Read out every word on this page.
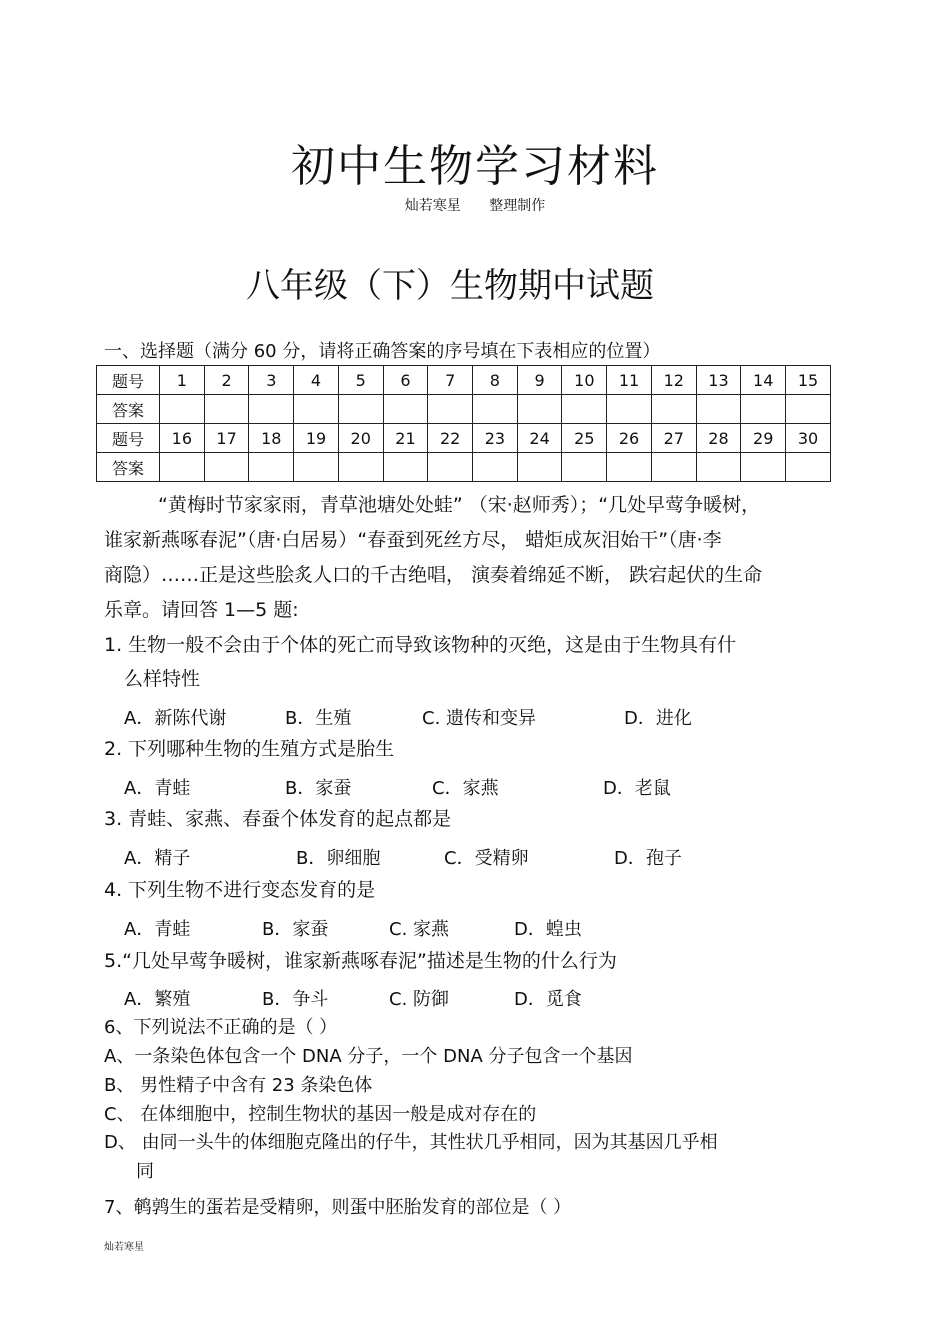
初中生物学习材料
灿若寒星 整理制作
八年级（下）生物期中试题
一、选择题（满分 60 分，请将正确答案的序号填在下表相应的位置）
题号	1	2	3	4	5	6	7	8	9	10	11	12	13	14	15
答案															
题号	16	17	18	19	20	21	22	23	24	25	26	27	28	29	30
答案															
“黄梅时节家家雨，青草池塘处处蛙” （宋·赵师秀）；“几处早莺争暖树，
谁家新燕啄春泥”（唐·白居易）“春蚕到死丝方尽， 蜡炬成灰泪始干”（唐·李
商隐）……正是这些脍炙人口的千古绝唱， 演奏着绵延不断， 跌宕起伏的生命
乐章。请回答 1—5 题:
1. 生物一般不会由于个体的死亡而导致该物种的灭绝，这是由于生物具有什
么样特性
A．新陈代谢	B．生殖	C. 遗传和变异	D．进化
2. 下列哪种生物的生殖方式是胎生
A．青蛙	B．家蚕	C．家燕	D．老鼠
3. 青蛙、家燕、春蚕个体发育的起点都是
A．精子	B．卵细胞	C．受精卵	D．孢子
4. 下列生物不进行变态发育的是
A．青蛙	B．家蚕	C. 家燕	D．蝗虫
5.“几处早莺争暖树，谁家新燕啄春泥”描述是生物的什么行为
A．繁殖	B．争斗	C. 防御	D．觅食
6、下列说法不正确的是（ ）
A、一条染色体包含一个 DNA 分子，一个 DNA 分子包含一个基因
B、 男性精子中含有 23 条染色体
C、 在体细胞中，控制生物状的基因一般是成对存在的
D、 由同一头牛的体细胞克隆出的仔牛，其性状几乎相同，因为其基因几乎相
同
7、鹌鹑生的蛋若是受精卵，则蛋中胚胎发育的部位是（ ）
灿若寒星
